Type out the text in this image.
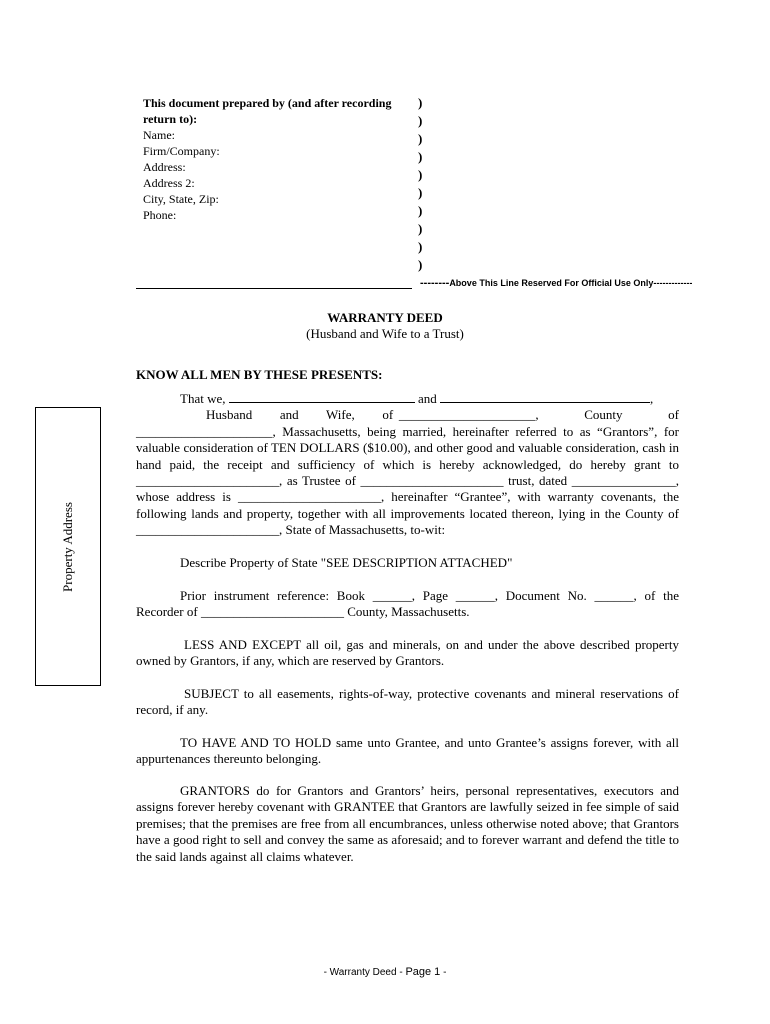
This document prepared by (and after recording
return to):
Name:
Firm/Company:
Address:
Address 2:
City, State, Zip:
Phone:
)
)
)
)
)
)
)
)
)
)
--------Above This Line Reserved For Official Use Only-------------
WARRANTY DEED
(Husband and Wife to a Trust)
KNOW ALL MEN BY THESE PRESENTS:
Property Address

That we,	and	,

Husband and Wife, of _____________________, County of

_____________________, Massachusetts, being married, hereinafter referred to as “Grantors”, for valuable consideration of TEN DOLLARS ($10.00), and other good and valuable consideration, cash in hand paid, the receipt and sufficiency of which is hereby acknowledged, do hereby grant to ______________________, as Trustee of ______________________ trust, dated ________________, whose address is ______________________, hereinafter “Grantee”, with warranty covenants, the following lands and property, together with all improvements located thereon, lying in the County of ______________________, State of Massachusetts, to-wit:

Describe Property of State "SEE DESCRIPTION ATTACHED"

Prior instrument reference: Book ______, Page ______, Document No. ______, of the Recorder of ______________________ County, Massachusetts.

LESS AND EXCEPT all oil, gas and minerals, on and under the above described property owned by Grantors, if any, which are reserved by Grantors.
SUBJECT to all easements, rights-of-way, protective covenants and mineral reservations of record, if any.
TO HAVE AND TO HOLD same unto Grantee, and unto Grantee’s assigns forever, with all appurtenances thereunto belonging.
GRANTORS do for Grantors and Grantors’ heirs, personal representatives, executors and assigns forever hereby covenant with GRANTEE that Grantors are lawfully seized in fee simple of said premises; that the premises are free from all encumbrances, unless otherwise noted above; that Grantors have a good right to sell and convey the same as aforesaid; and to forever warrant and defend the title to the said lands against all claims whatever.
- Warranty Deed - Page 1 -
